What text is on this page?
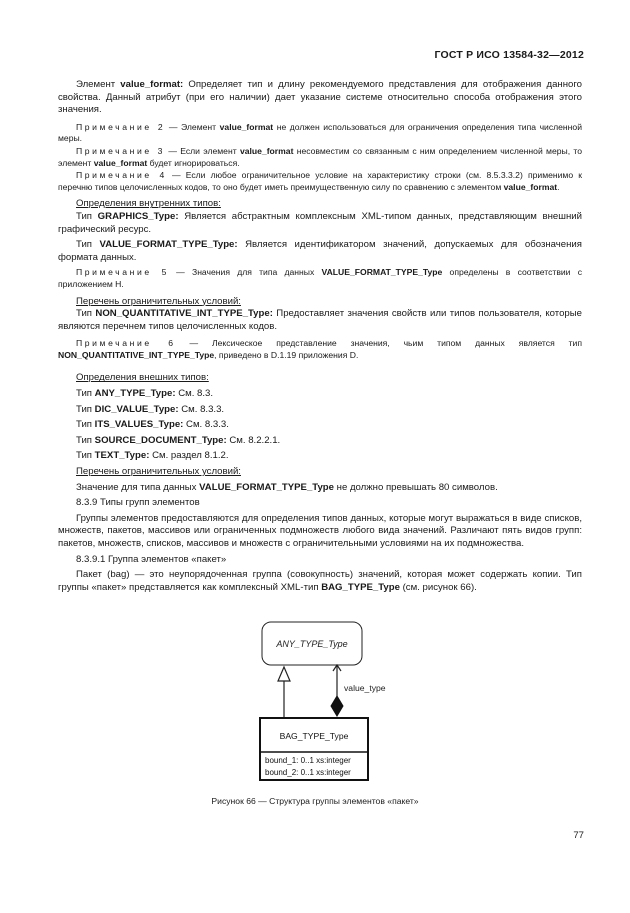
ГОСТ Р ИСО 13584-32—2012

Элемент value_format: Определяет тип и длину рекомендуемого представления для отображения данного свойства. Данный атрибут (при его наличии) дает указание системе относительно способа отображения этого значения.

Примечание 2 — Элемент value_format не должен использоваться для ограничения определения типа численной меры.

Примечание 3 — Если элемент value_format несовместим со связанным с ним определением численной меры, то элемент value_format будет игнорироваться.

Примечание 4 — Если любое ограничительное условие на характеристику строки (см. 8.5.3.3.2) применимо к перечню типов целочисленных кодов, то оно будет иметь преимущественную силу по сравнению с элементом value_format.

Определения внутренних типов:

Тип GRAPHICS_Type: Является абстрактным комплексным XML-типом данных, представляющим внешний графический ресурс.

Тип VALUE_FORMAT_TYPE_Type: Является идентификатором значений, допускаемых для обозначения формата данных.

Примечание 5 — Значения для типа данных VALUE_FORMAT_TYPE_Type определены в соответствии с приложением H.

Перечень ограничительных условий:

Тип NON_QUANTITATIVE_INT_TYPE_Type: Предоставляет значения свойств или типов пользователя, которые являются перечнем типов целочисленных кодов.

Примечание 6 — Лексическое представление значения, чьим типом данных является тип NON_QUANTITATIVE_INT_TYPE_Type, приведено в D.1.19 приложения D.

Определения внешних типов:

Тип ANY_TYPE_Type: См. 8.3.

Тип DIC_VALUE_Type: См. 8.3.3.

Тип ITS_VALUES_Type: См. 8.3.3.

Тип SOURCE_DOCUMENT_Type: См. 8.2.2.1.

Тип TEXT_Type: См. раздел 8.1.2.

Перечень ограничительных условий:

Значение для типа данных VALUE_FORMAT_TYPE_Type не должно превышать 80 символов.

8.3.9 Типы групп элементов

Группы элементов предоставляются для определения типов данных, которые могут выражаться в виде списков, множеств, пакетов, массивов или ограниченных подмножеств любого вида значений. Различают пять видов групп: пакетов, множеств, списков, массивов и множеств с ограничительными условиями на их подмножества.

8.3.9.1 Группа элементов «пакет»

Пакет (bag) — это неупорядоченная группа (совокупность) значений, которая может содержать копии. Тип группы «пакет» представляется как комплексный XML-тип BAG_TYPE_Type (см. рисунок 66).

ANY_TYPE_Type
value_type
BAG_TYPE_Type
bound_1: 0..1 xs:integer
bound_2: 0..1 xs:integer
Рисунок 66 — Структура группы элементов «пакет»
77
